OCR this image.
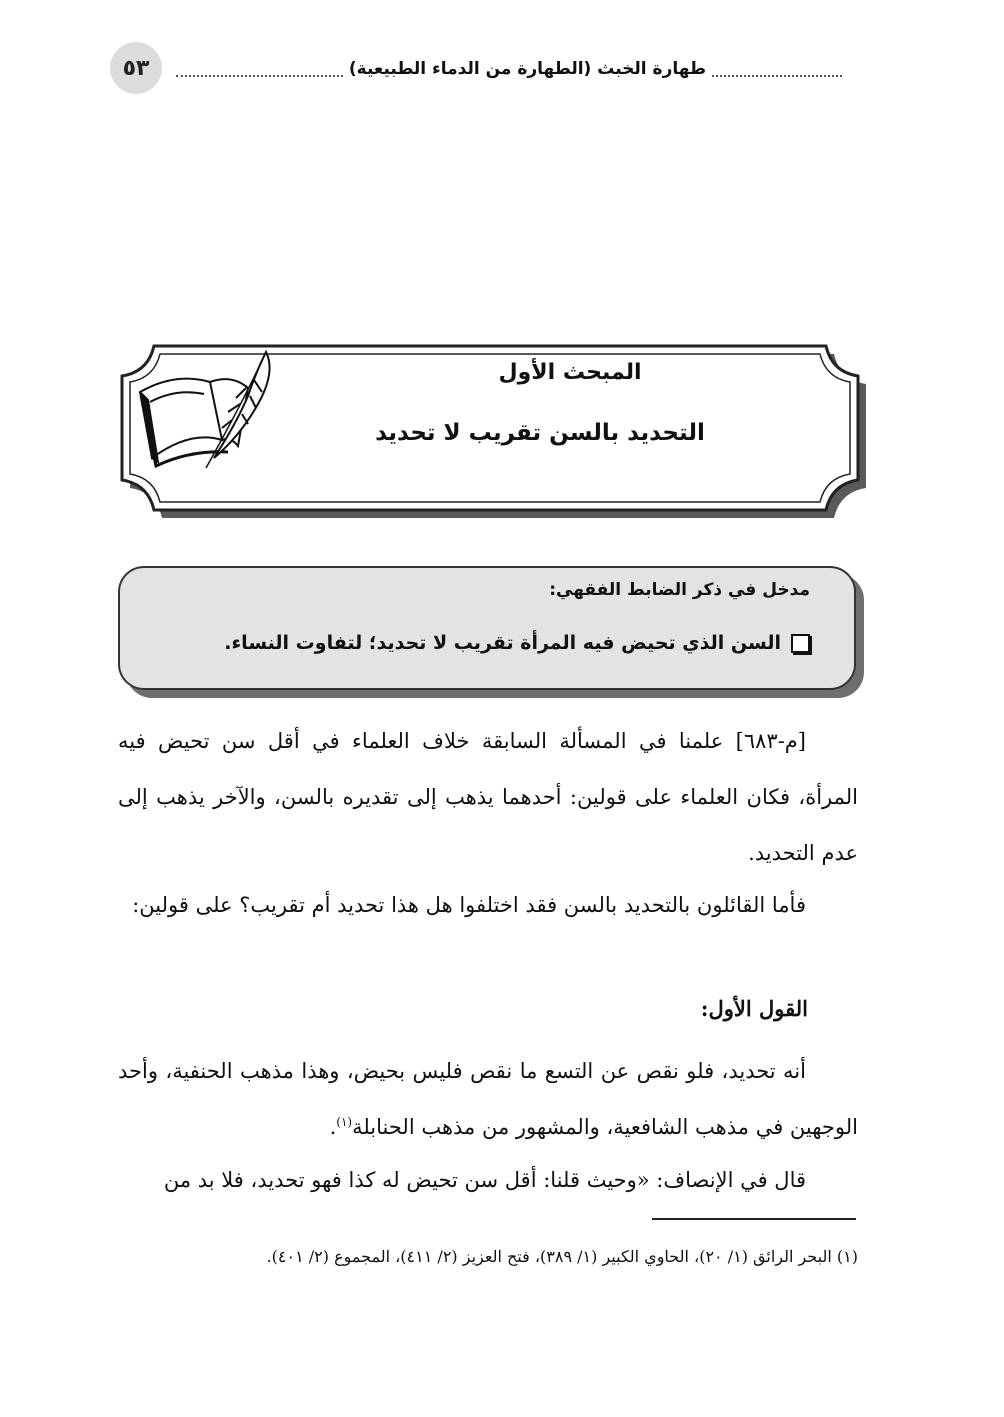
٥٣	طهارة الخبث (الطهارة من الدماء الطبيعية)
المبحث الأول
التحديد بالسن تقريب لا تحديد
مدخل في ذكر الضابط الفقهي:
السن الذي تحيض فيه المرأة تقريب لا تحديد؛ لتفاوت النساء.
[م-٦٨٣] علمنا في المسألة السابقة خلاف العلماء في أقل سن تحيض فيه المرأة، فكان العلماء على قولين: أحدهما يذهب إلى تقديره بالسن، والآخر يذهب إلى عدم التحديد.
فأما القائلون بالتحديد بالسن فقد اختلفوا هل هذا تحديد أم تقريب؟ على قولين:
القول الأول:
أنه تحديد، فلو نقص عن التسع ما نقص فليس بحيض، وهذا مذهب الحنفية، وأحد الوجهين في مذهب الشافعية، والمشهور من مذهب الحنابلة$^{(١)}$.
قال في الإنصاف: «وحيث قلنا: أقل سن تحيض له كذا فهو تحديد، فلا بد من
(١) البحر الرائق (١/ ٢٠)، الحاوي الكبير (١/ ٣٨٩)، فتح العزيز (٢/ ٤١١)، المجموع (٢/ ٤٠١).
